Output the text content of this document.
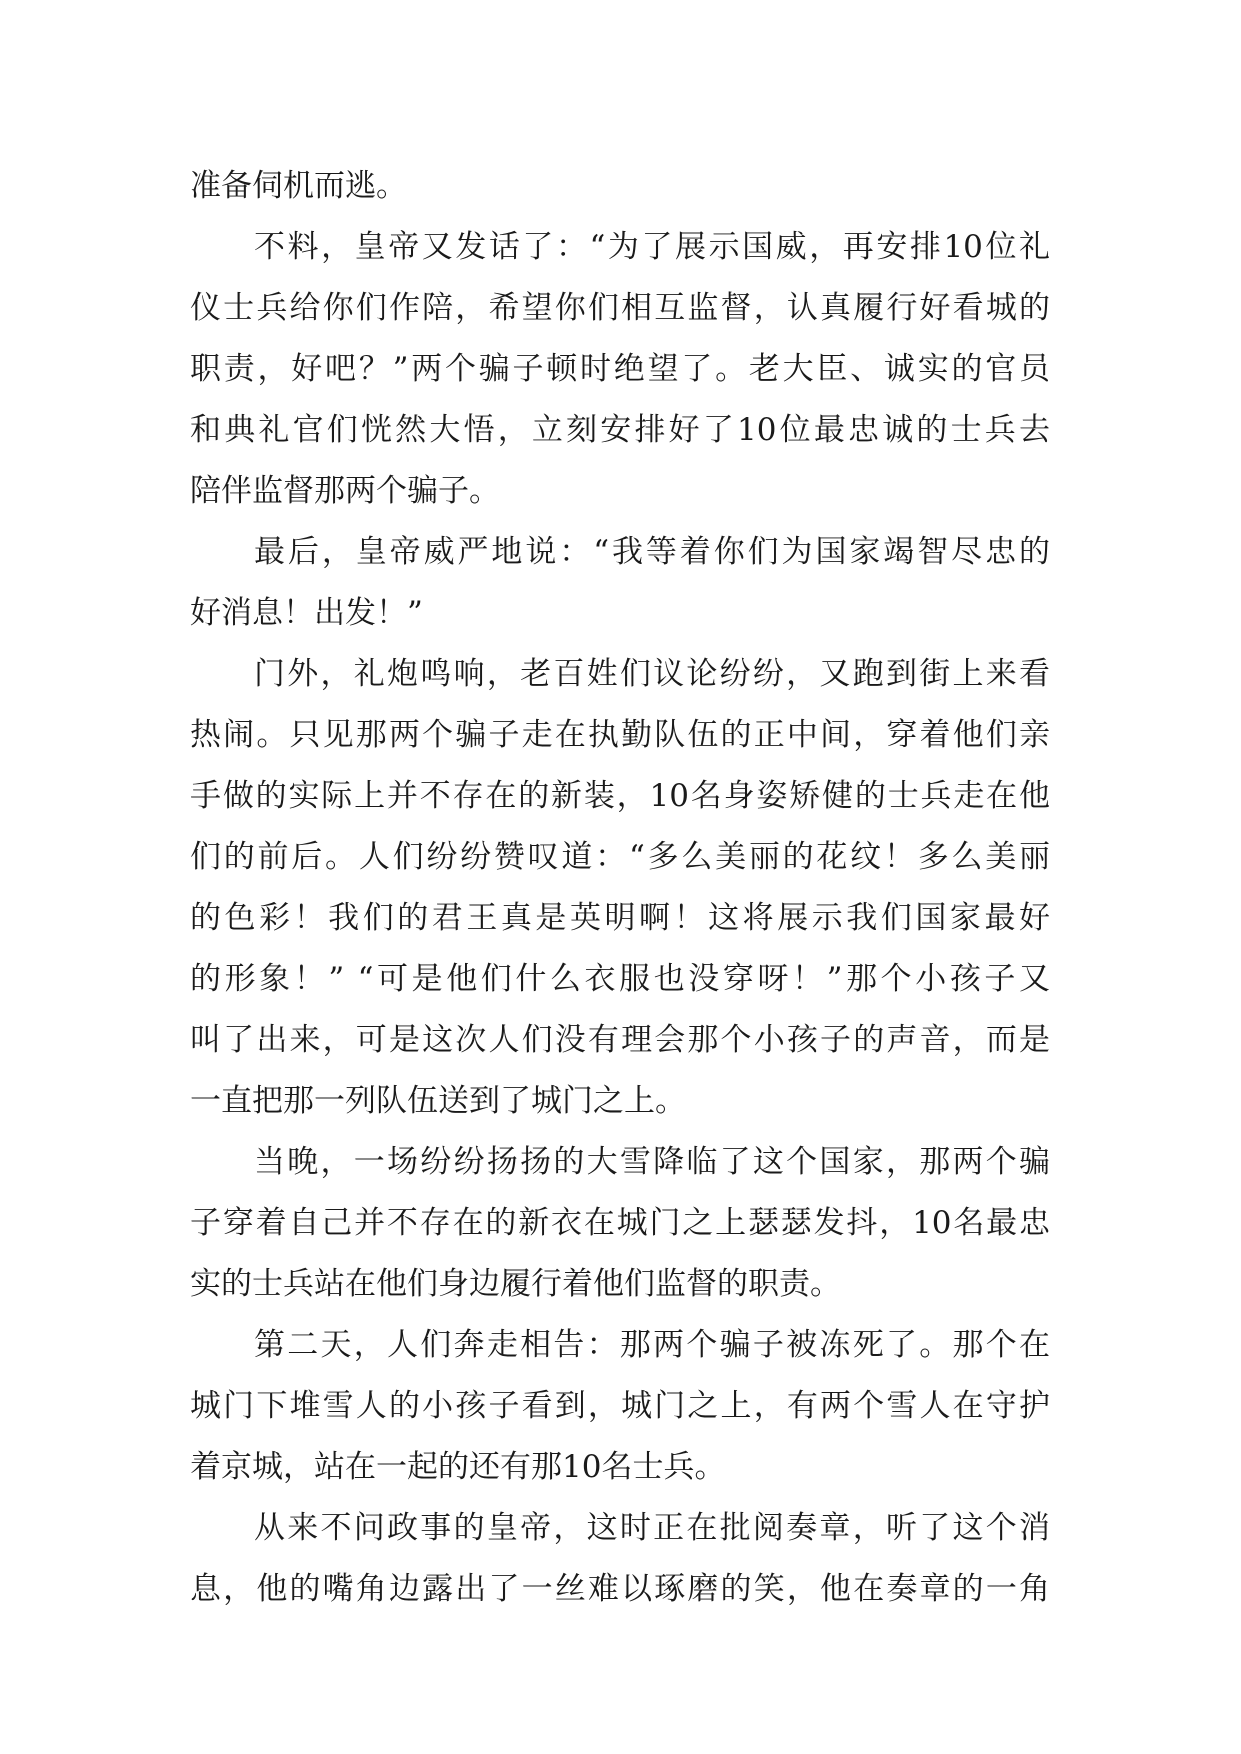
准备伺机而逃。
不料，皇帝又发话了：“为了展示国威，再安排10位礼
仪士兵给你们作陪，希望你们相互监督，认真履行好看城的
职责，好吧？”两个骗子顿时绝望了。老大臣、诚实的官员
和典礼官们恍然大悟，立刻安排好了10位最忠诚的士兵去
陪伴监督那两个骗子。
最后，皇帝威严地说：“我等着你们为国家竭智尽忠的
好消息！出发！”
门外，礼炮鸣响，老百姓们议论纷纷，又跑到街上来看
热闹。只见那两个骗子走在执勤队伍的正中间，穿着他们亲
手做的实际上并不存在的新装，10名身姿矫健的士兵走在他
们的前后。人们纷纷赞叹道：“多么美丽的花纹！多么美丽
的色彩！我们的君王真是英明啊！这将展示我们国家最好
的形象！” “可是他们什么衣服也没穿呀！”那个小孩子又
叫了出来，可是这次人们没有理会那个小孩子的声音，而是
一直把那一列队伍送到了城门之上。
当晚，一场纷纷扬扬的大雪降临了这个国家，那两个骗
子穿着自己并不存在的新衣在城门之上瑟瑟发抖，10名最忠
实的士兵站在他们身边履行着他们监督的职责。
第二天，人们奔走相告：那两个骗子被冻死了。那个在
城门下堆雪人的小孩子看到，城门之上，有两个雪人在守护
着京城，站在一起的还有那10名士兵。
从来不问政事的皇帝，这时正在批阅奏章，听了这个消
息，他的嘴角边露出了一丝难以琢磨的笑，他在奏章的一角
